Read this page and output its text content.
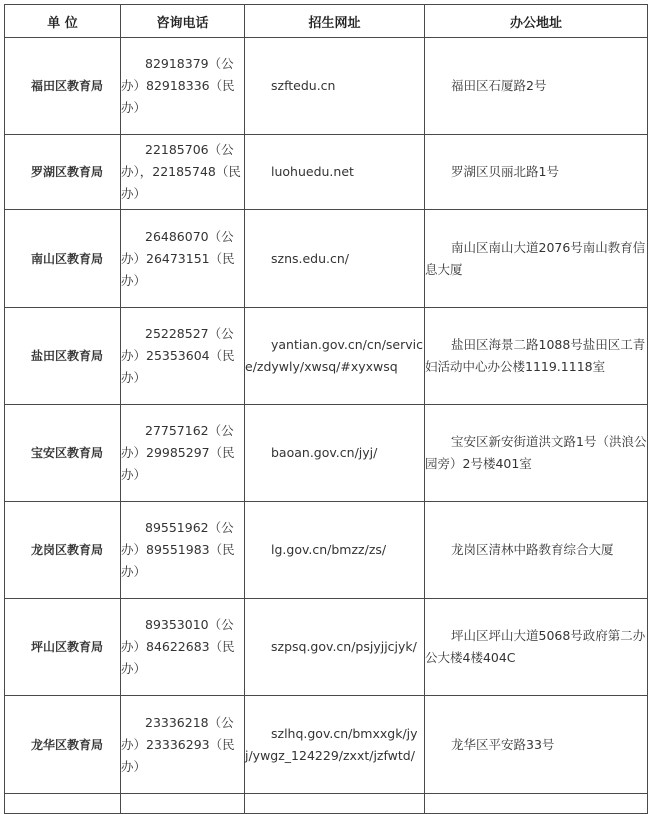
单 位	咨询电话	招生网址	办公地址
福田区教育局	82918379（公办）82918336（民办）	szftedu.cn	福田区石厦路2号
罗湖区教育局	22185706（公办），22185748（民办）	luohuedu.net	罗湖区贝丽北路1号
南山区教育局	26486070（公办）26473151（民办）	szns.edu.cn/	南山区南山大道2076号南山教育信息大厦
盐田区教育局	25228527（公办）25353604（民办）	yantian.gov.cn/cn/service/zdywly/xwsq/#xyxwsq	盐田区海景二路1088号盐田区工青妇活动中心办公楼1119.1118室
宝安区教育局	27757162（公办）29985297（民办）	baoan.gov.cn/jyj/	宝安区新安街道洪文路1号（洪浪公园旁）2号楼401室
龙岗区教育局	89551962（公办）89551983（民办）	lg.gov.cn/bmzz/zs/	龙岗区清林中路教育综合大厦
坪山区教育局	89353010（公办）84622683（民办）	szpsq.gov.cn/psjyjjcjyk/	坪山区坪山大道5068号政府第二办公大楼4楼404C
龙华区教育局	23336218（公办）23336293（民办）	szlhq.gov.cn/bmxxgk/jyj/ywgz_124229/zxxt/jzfwtd/	龙华区平安路33号
